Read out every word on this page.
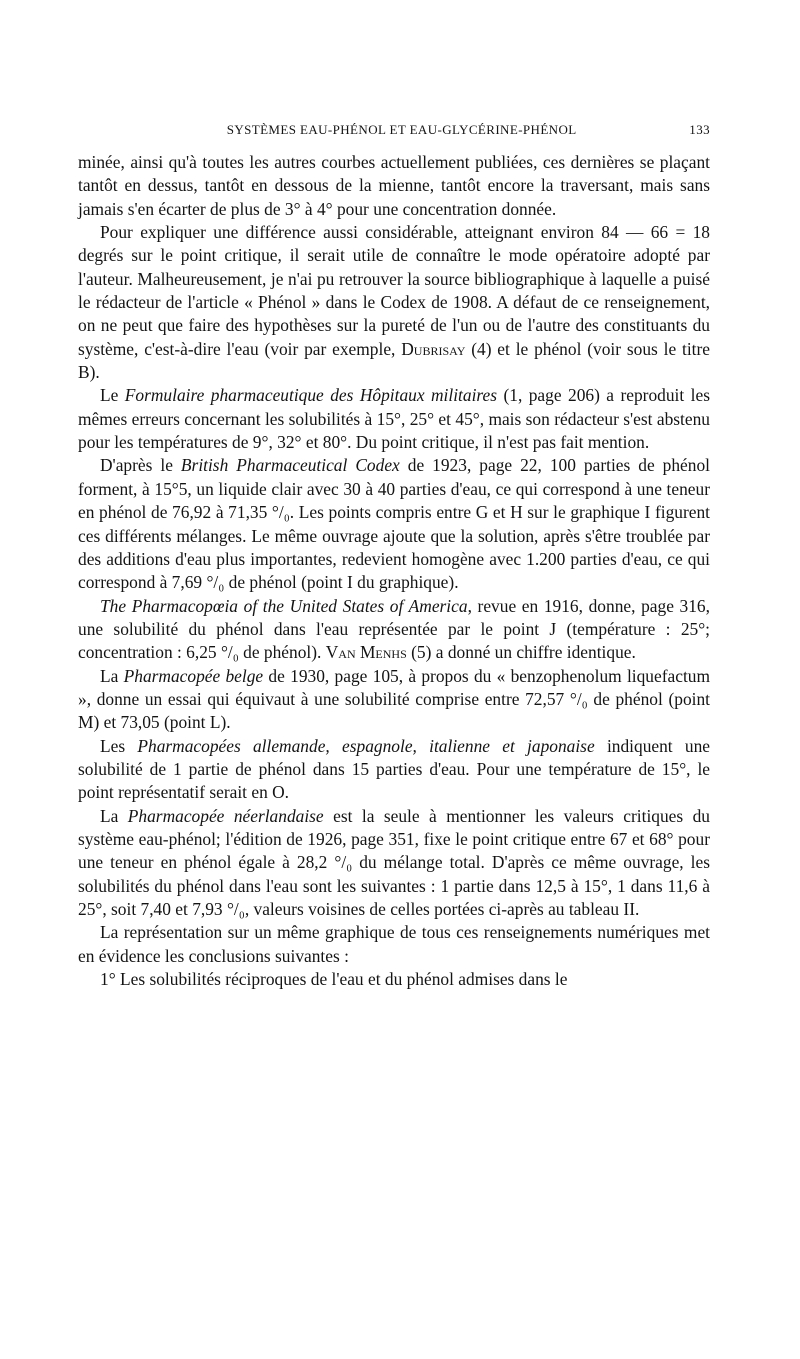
SYSTÈMES EAU-PHÉNOL ET EAU-GLYCÉRINE-PHÉNOL	133

minée, ainsi qu'à toutes les autres courbes actuellement publiées, ces dernières se plaçant tantôt en dessus, tantôt en dessous de la mienne, tantôt encore la traversant, mais sans jamais s'en écarter de plus de 3° à 4° pour une concentration donnée.

Pour expliquer une différence aussi considérable, atteignant environ 84 — 66 = 18 degrés sur le point critique, il serait utile de connaître le mode opératoire adopté par l'auteur. Malheureusement, je n'ai pu retrouver la source bibliographique à laquelle a puisé le rédacteur de l'article « Phénol » dans le Codex de 1908. A défaut de ce renseignement, on ne peut que faire des hypothèses sur la pureté de l'un ou de l'autre des constituants du système, c'est-à-dire l'eau (voir par exemple, Dubrisay (4) et le phénol (voir sous le titre B).

Le Formulaire pharmaceutique des Hôpitaux militaires (1, page 206) a reproduit les mêmes erreurs concernant les solubilités à 15°, 25° et 45°, mais son rédacteur s'est abstenu pour les températures de 9°, 32° et 80°. Du point critique, il n'est pas fait mention.

D'après le British Pharmaceutical Codex de 1923, page 22, 100 parties de phénol forment, à 15°5, un liquide clair avec 30 à 40 parties d'eau, ce qui correspond à une teneur en phénol de 76,92 à 71,35 °/₀. Les points compris entre G et H sur le graphique I figurent ces différents mélanges. Le même ouvrage ajoute que la solution, après s'être troublée par des additions d'eau plus importantes, redevient homogène avec 1.200 parties d'eau, ce qui correspond à 7,69 °/₀ de phénol (point I du graphique).

The Pharmacopœia of the United States of America, revue en 1916, donne, page 316, une solubilité du phénol dans l'eau représentée par le point J (température : 25°; concentration : 6,25 °/₀ de phénol). Van Menhs (5) a donné un chiffre identique.

La Pharmacopée belge de 1930, page 105, à propos du « benzophenolum liquefactum », donne un essai qui équivaut à une solubilité comprise entre 72,57 °/₀ de phénol (point M) et 73,05 (point L).

Les Pharmacopées allemande, espagnole, italienne et japonaise indiquent une solubilité de 1 partie de phénol dans 15 parties d'eau. Pour une température de 15°, le point représentatif serait en O.

La Pharmacopée néerlandaise est la seule à mentionner les valeurs critiques du système eau-phénol; l'édition de 1926, page 351, fixe le point critique entre 67 et 68° pour une teneur en phénol égale à 28,2 °/₀ du mélange total. D'après ce même ouvrage, les solubilités du phénol dans l'eau sont les suivantes : 1 partie dans 12,5 à 15°, 1 dans 11,6 à 25°, soit 7,40 et 7,93 °/₀, valeurs voisines de celles portées ci-après au tableau II.

La représentation sur un même graphique de tous ces renseignements numériques met en évidence les conclusions suivantes :

1° Les solubilités réciproques de l'eau et du phénol admises dans le
